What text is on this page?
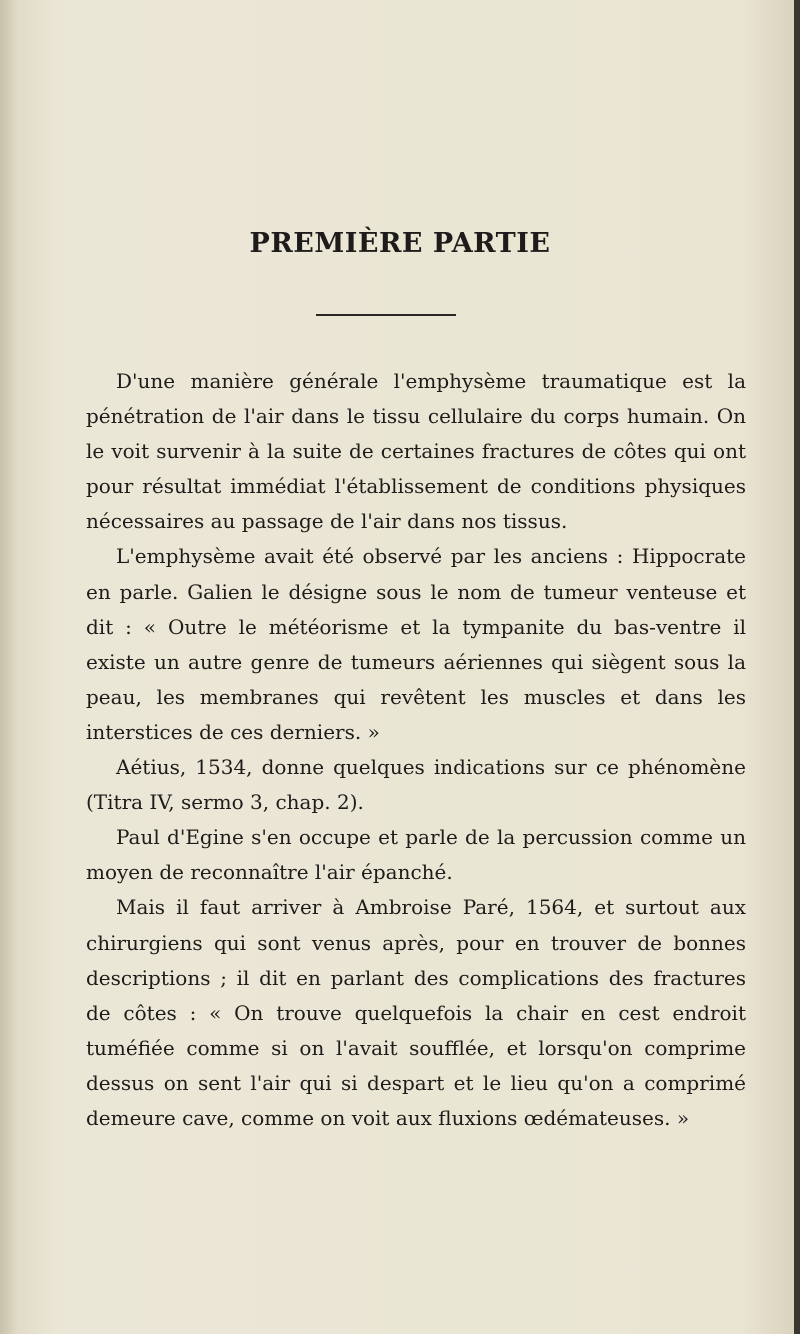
PREMIÈRE PARTIE

D'une manière générale l'emphysème traumatique est la pénétration de l'air dans le tissu cellulaire du corps humain. On le voit survenir à la suite de certaines fractures de côtes qui ont pour résultat immédiat l'établissement de conditions physiques nécessaires au passage de l'air dans nos tissus.

L'emphysème avait été observé par les anciens : Hippocrate en parle. Galien le désigne sous le nom de tumeur venteuse et dit : « Outre le météorisme et la tympanite du bas-ventre il existe un autre genre de tumeurs aériennes qui siègent sous la peau, les membranes qui revêtent les muscles et dans les interstices de ces derniers. »

Aétius, 1534, donne quelques indications sur ce phénomène (Titra IV, sermo 3, chap. 2).

Paul d'Egine s'en occupe et parle de la percussion comme un moyen de reconnaître l'air épanché.

Mais il faut arriver à Ambroise Paré, 1564, et surtout aux chirurgiens qui sont venus après, pour en trouver de bonnes descriptions ; il dit en parlant des complications des fractures de côtes : « On trouve quelquefois la chair en cest endroit tuméfiée comme si on l'avait soufflée, et lorsqu'on comprime dessus on sent l'air qui si despart et le lieu qu'on a comprimé demeure cave, comme on voit aux fluxions œdémateuses. »
